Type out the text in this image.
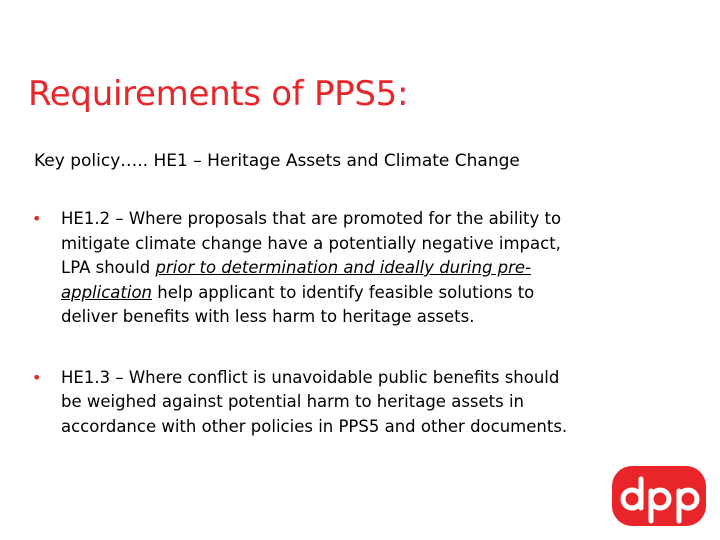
Requirements of PPS5:

Key policy….. HE1 – Heritage Assets and Climate Change

• HE1.2 – Where proposals that are promoted for the ability to mitigate climate change have a potentially negative impact, LPA should prior to determination and ideally during pre-application help applicant to identify feasible solutions to deliver benefits with less harm to heritage assets.
• HE1.3 – Where conflict is unavoidable public benefits should be weighed against potential harm to heritage assets in accordance with other policies in PPS5 and other documents.
